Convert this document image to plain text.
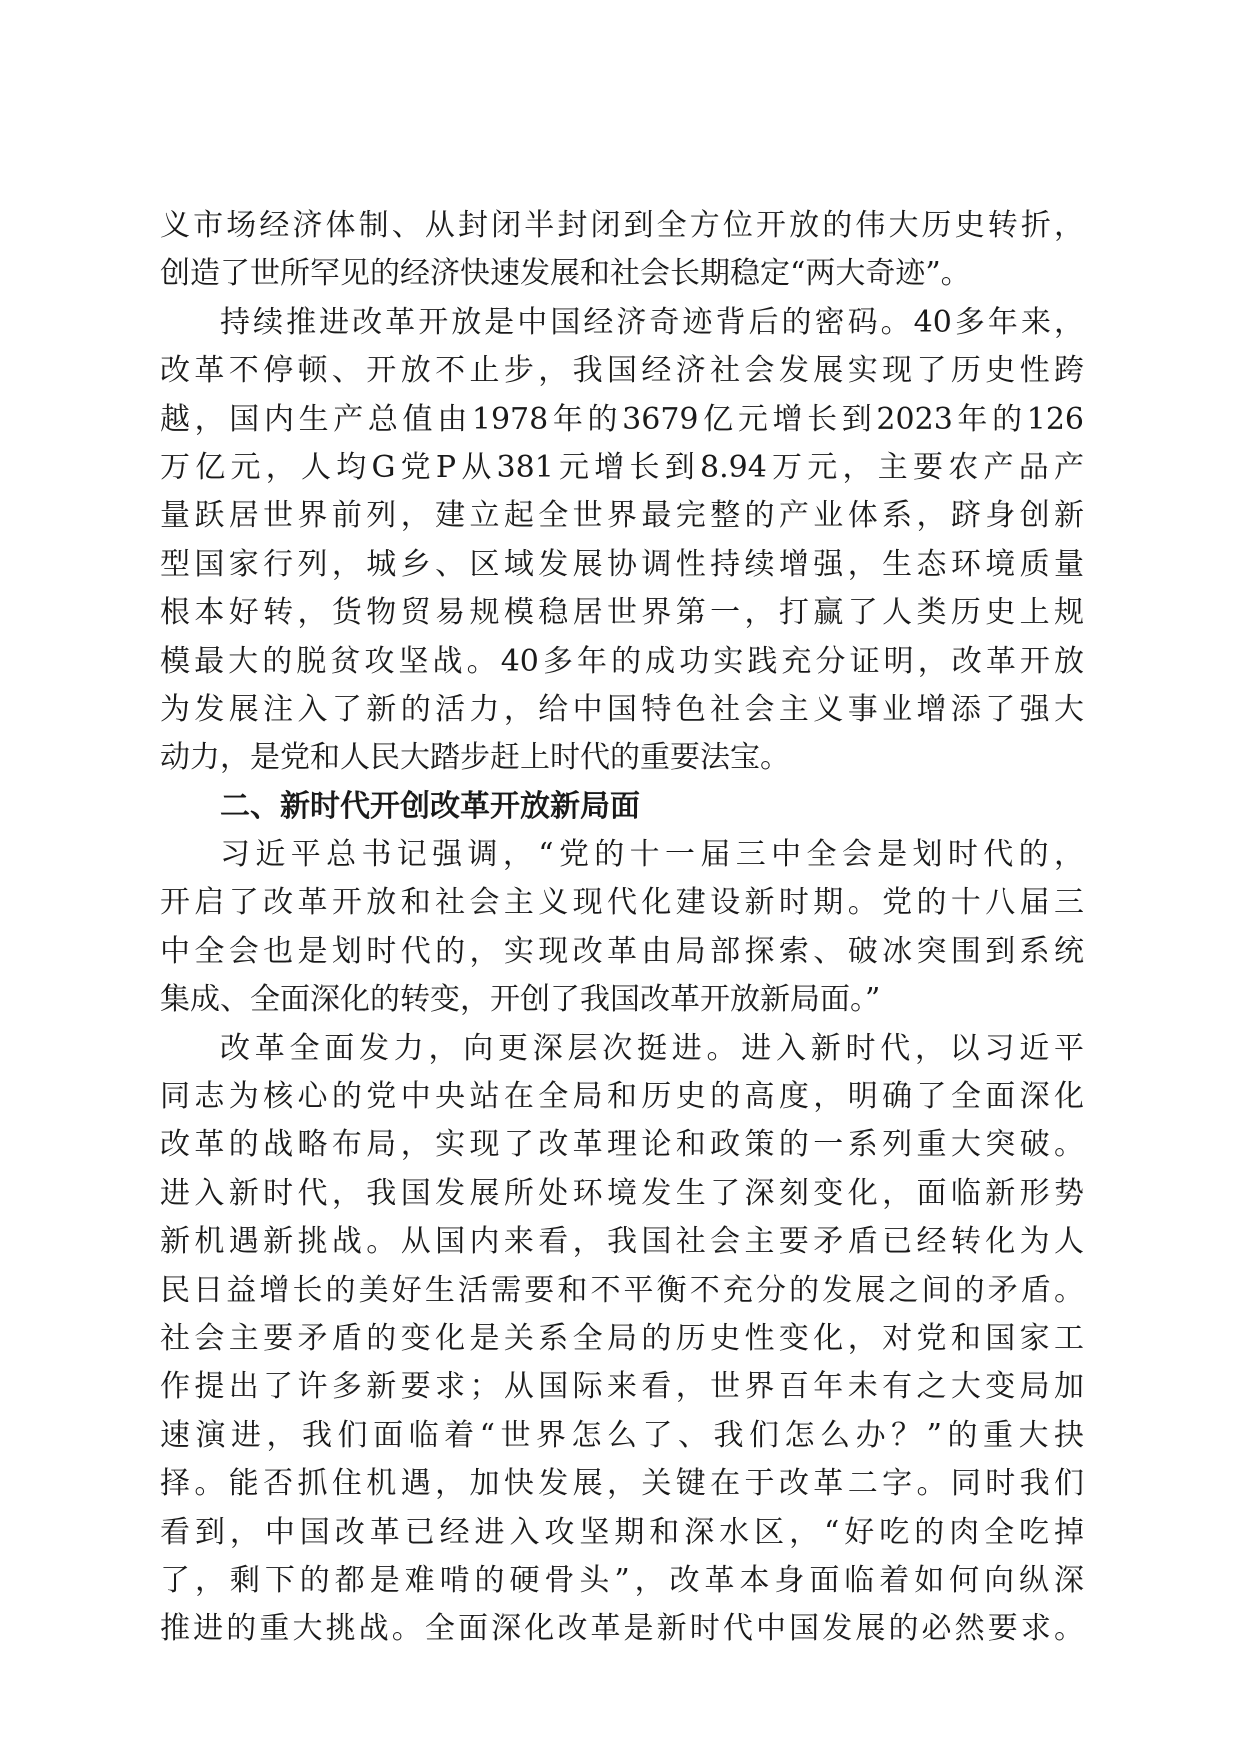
义市场经济体制、从封闭半封闭到全方位开放的伟大历史转折，
创造了世所罕见的经济快速发展和社会长期稳定“两大奇迹”。
持续推进改革开放是中国经济奇迹背后的密码。40多年来，
改革不停顿、开放不止步，我国经济社会发展实现了历史性跨
越，国内生产总值由1978年的3679亿元增长到2023年的126
万亿元，人均G党P从381元增长到8.94万元，主要农产品产
量跃居世界前列，建立起全世界最完整的产业体系，跻身创新
型国家行列，城乡、区域发展协调性持续增强，生态环境质量
根本好转，货物贸易规模稳居世界第一，打赢了人类历史上规
模最大的脱贫攻坚战。40多年的成功实践充分证明，改革开放
为发展注入了新的活力，给中国特色社会主义事业增添了强大
动力，是党和人民大踏步赶上时代的重要法宝。
二、新时代开创改革开放新局面
习近平总书记强调，“党的十一届三中全会是划时代的，
开启了改革开放和社会主义现代化建设新时期。党的十八届三
中全会也是划时代的，实现改革由局部探索、破冰突围到系统
集成、全面深化的转变，开创了我国改革开放新局面。”
改革全面发力，向更深层次挺进。进入新时代，以习近平
同志为核心的党中央站在全局和历史的高度，明确了全面深化
改革的战略布局，实现了改革理论和政策的一系列重大突破。
进入新时代，我国发展所处环境发生了深刻变化，面临新形势
新机遇新挑战。从国内来看，我国社会主要矛盾已经转化为人
民日益增长的美好生活需要和不平衡不充分的发展之间的矛盾。
社会主要矛盾的变化是关系全局的历史性变化，对党和国家工
作提出了许多新要求；从国际来看，世界百年未有之大变局加
速演进，我们面临着“世界怎么了、我们怎么办？”的重大抉
择。能否抓住机遇，加快发展，关键在于改革二字。同时我们
看到，中国改革已经进入攻坚期和深水区，“好吃的肉全吃掉
了，剩下的都是难啃的硬骨头”，改革本身面临着如何向纵深
推进的重大挑战。全面深化改革是新时代中国发展的必然要求。
